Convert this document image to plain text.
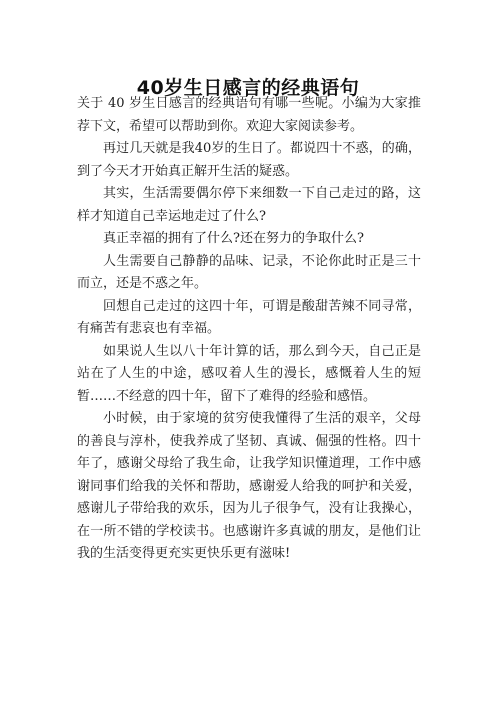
40岁生日感言的经典语句

关于 40 岁生日感言的经典语句有哪一些呢。小编为大家推荐下文，希望可以帮助到你。欢迎大家阅读参考。

再过几天就是我40岁的生日了。都说四十不惑，的确，到了今天才开始真正解开生活的疑惑。

其实，生活需要偶尔停下来细数一下自己走过的路，这样才知道自己幸运地走过了什么?

真正幸福的拥有了什么?还在努力的争取什么?

人生需要自己静静的品味、记录，不论你此时正是三十而立，还是不惑之年。

回想自己走过的这四十年，可谓是酸甜苦辣不同寻常，有痛苦有悲哀也有幸福。

如果说人生以八十年计算的话，那么到今天，自己正是站在了人生的中途，感叹着人生的漫长，感慨着人生的短暂……不经意的四十年，留下了难得的经验和感悟。

小时候，由于家境的贫穷使我懂得了生活的艰辛，父母的善良与淳朴，使我养成了坚韧、真诚、倔强的性格。四十年了，感谢父母给了我生命，让我学知识懂道理，工作中感谢同事们给我的关怀和帮助，感谢爱人给我的呵护和关爱，感谢儿子带给我的欢乐，因为儿子很争气，没有让我操心，在一所不错的学校读书。也感谢许多真诚的朋友，是他们让我的生活变得更充实更快乐更有滋味!
